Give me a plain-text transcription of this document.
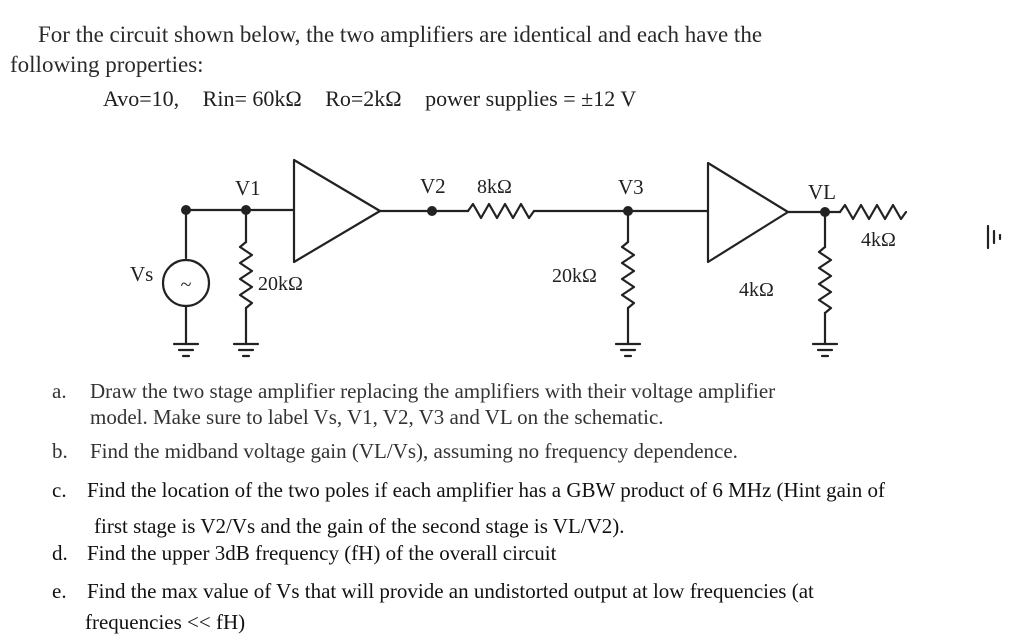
For the circuit shown below, the two amplifiers are identical and each have the
following properties:
Avo=10, Rin= 60kΩ Ro=2kΩ power supplies = ±12 V
~
Vs
V1	V2	V3	VL
20kΩ
8kΩ
20kΩ
4kΩ
4kΩ
a. Draw the two stage amplifier replacing the amplifiers with their voltage amplifier
model. Make sure to label Vs, V1, V2, V3 and VL on the schematic.
b. Find the midband voltage gain (VL/Vs), assuming no frequency dependence.
c. Find the location of the two poles if each amplifier has a GBW product of 6 MHz (Hint gain of
first stage is V2/Vs and the gain of the second stage is VL/V2).
d. Find the upper 3dB frequency (fH) of the overall circuit
e. Find the max value of Vs that will provide an undistorted output at low frequencies (at
frequencies << fH)
